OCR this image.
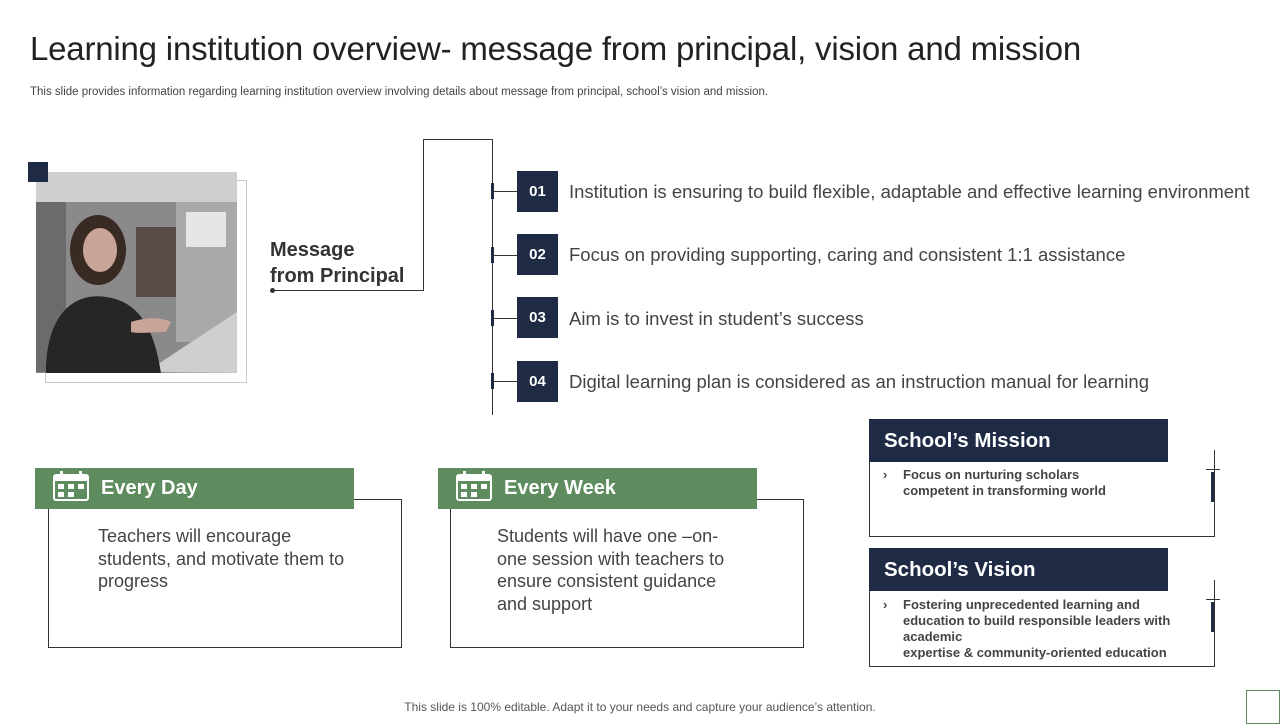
Learning institution overview- message from principal, vision and mission
This slide provides information regarding learning institution overview involving details about message from principal, school’s vision and mission.
Message
from Principal
01	Institution is ensuring to build flexible, adaptable and effective learning environment
02	Focus on providing supporting, caring and consistent 1:1 assistance
03	Aim is to invest in student’s success
04	Digital learning plan is considered as an instruction manual for learning
Teachers will encourage students, and motivate them to progress
Every Day
Students will have one –on-one session with teachers to ensure consistent guidance and support
Every Week
› Focus on nurturing scholars competent in transforming world
School’s Mission
› Fostering unprecedented learning and education to build responsible leaders with academic
expertise & community-oriented education
School’s Vision
This slide is 100% editable. Adapt it to your needs and capture your audience’s attention.
